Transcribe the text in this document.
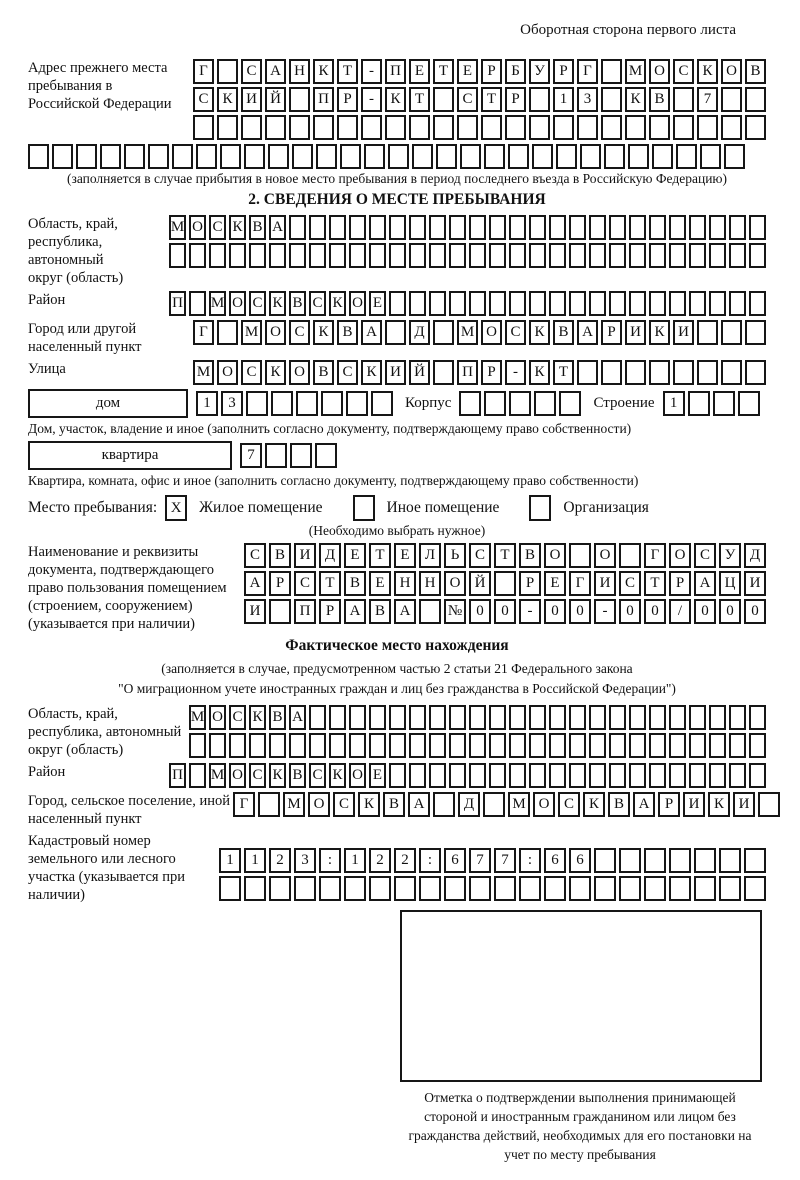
Оборотная сторона первого листа
Адрес прежнего места пребывания в Российской Федерации
Г	С А Н К Т	-	П Е Т Е	Р	Б У Р	Г	М О С К О В
С К И Й	П Р	-	К Т	С Т	Р	1	3	К В	7
(заполняется в случае прибытия в новое место пребывания в период последнего въезда в Российскую Федерацию)
2. СВЕДЕНИЯ О МЕСТЕ ПРЕБЫВАНИЯ
Область, край, республика, автономный округ (область)
М О С К В А
Район	П М О С К В С К О Е
Город или другой населенный пункт
Г	М О С К В А	Д	М О С К В А Р И К И
Улица	М О С К О В С К И Й	П Р	-	К Т
дом	1	3	Корпус	Строение	1
Дом, участок, владение и иное (заполнить согласно документу, подтверждающему право собственности)
квартира	7
Квартира, комната, офис и иное (заполнить согласно документу, подтверждающему право собственности)
Место пребывания: X	Жилое помещение	Иное помещение	Организация
(Необходимо выбрать нужное)
Наименование и реквизиты документа, подтверждающего право пользования помещением (строением, сооружением) (указывается при наличии)
С В И Д	Е	Т	Е	Л	Ь	С	Т	В О	О	Г	О С У Д
А	Р	С	Т	В	Е	Н Н О Й	Р	Е	Г	И С	Т	Р	А Ц И
И	П	Р	А В А	№ 0	0	-	0	0	-	0	0	/	0	0	0
Фактическое место нахождения
(заполняется в случае, предусмотренном частью 2 статьи 21 Федерального закона
"О миграционном учете иностранных граждан и лиц без гражданства в Российской Федерации")
Область, край, республика, автономный округ (область)
М О С К В А
Район	П М О С К В С К О Е
Город, сельское поселение, иной населенный пункт
Г	М О С К В А	Д	М О С К В А	Р	И К И
Кадастровый номер земельного или лесного участка (указывается при наличии)
1	1	2	3	:	1	2	2	:	6	7	7	:	6	6
Отметка о подтверждении выполнения принимающей стороной и иностранным гражданином или лицом без гражданства действий, необходимых для его постановки на учет по месту пребывания
